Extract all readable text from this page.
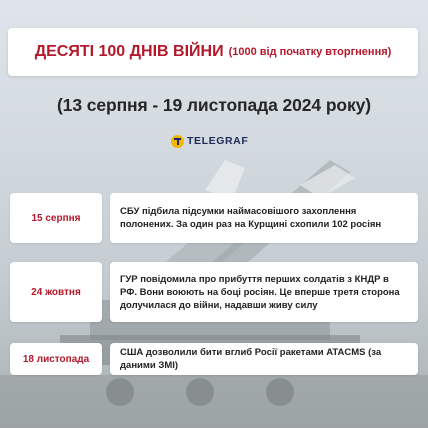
ДЕСЯТІ 100 ДНІВ ВІЙНИ (1000 від початку вторгнення)
(13 серпня - 19 листопада 2024 року)
TELEGRAF
15 серпня
СБУ підбила підсумки наймасовішого захоплення полонених. За один раз на Курщині схопили 102 росіян
24 жовтня
ГУР повідомила про прибуття перших солдатів з КНДР в РФ. Вони воюють на боці росіян. Це вперше третя сторона долучилася до війни, надавши живу силу
18 листопада
США дозволили бити вглиб Росії ракетами ATACMS (за даними ЗМІ)
